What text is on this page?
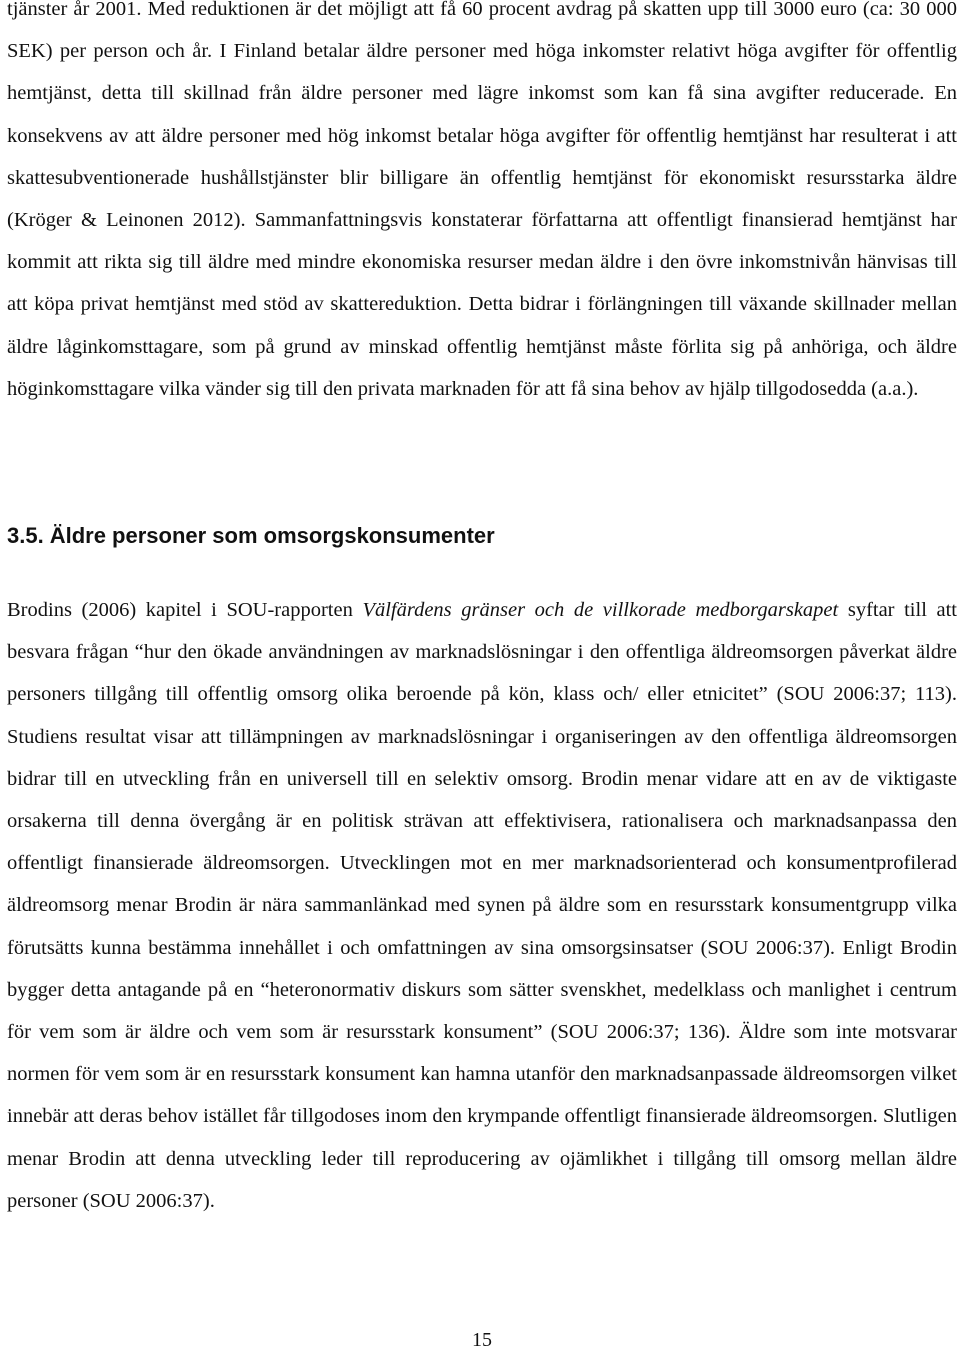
tjänster år 2001. Med reduktionen är det möjligt att få 60 procent avdrag på skatten upp till 3000 euro (ca: 30 000 SEK) per person och år. I Finland betalar äldre personer med höga inkomster relativt höga avgifter för offentlig hemtjänst, detta till skillnad från äldre personer med lägre inkomst som kan få sina avgifter reducerade. En konsekvens av att äldre personer med hög inkomst betalar höga avgifter för offentlig hemtjänst har resulterat i att skattesubventionerade hushållstjänster blir billigare än offentlig hemtjänst för ekonomiskt resursstarka äldre (Kröger & Leinonen 2012). Sammanfattningsvis konstaterar författarna att offentligt finansierad hemtjänst har kommit att rikta sig till äldre med mindre ekonomiska resurser medan äldre i den övre inkomstnivån hänvisas till att köpa privat hemtjänst med stöd av skattereduktion. Detta bidrar i förlängningen till växande skillnader mellan äldre låginkomsttagare, som på grund av minskad offentlig hemtjänst måste förlita sig på anhöriga, och äldre höginkomsttagare vilka vänder sig till den privata marknaden för att få sina behov av hjälp tillgodosedda (a.a.).

3.5. Äldre personer som omsorgskonsumenter

Brodins (2006) kapitel i SOU-rapporten Välfärdens gränser och de villkorade medborgarskapet syftar till att besvara frågan “hur den ökade användningen av marknadslösningar i den offentliga äldreomsorgen påverkat äldre personers tillgång till offentlig omsorg olika beroende på kön, klass och/ eller etnicitet” (SOU 2006:37; 113). Studiens resultat visar att tillämpningen av marknadslösningar i organiseringen av den offentliga äldreomsorgen bidrar till en utveckling från en universell till en selektiv omsorg. Brodin menar vidare att en av de viktigaste orsakerna till denna övergång är en politisk strävan att effektivisera, rationalisera och marknadsanpassa den offentligt finansierade äldreomsorgen. Utvecklingen mot en mer marknadsorienterad och konsumentprofilerad äldreomsorg menar Brodin är nära sammanlänkad med synen på äldre som en resursstark konsumentgrupp vilka förutsätts kunna bestämma innehållet i och omfattningen av sina omsorgsinsatser (SOU 2006:37). Enligt Brodin bygger detta antagande på en “heteronormativ diskurs som sätter svenskhet, medelklass och manlighet i centrum för vem som är äldre och vem som är resursstark konsument” (SOU 2006:37; 136). Äldre som inte motsvarar normen för vem som är en resursstark konsument kan hamna utanför den marknadsanpassade äldreomsorgen vilket innebär att deras behov istället får tillgodoses inom den krympande offentligt finansierade äldreomsorgen. Slutligen menar Brodin att denna utveckling leder till reproducering av ojämlikhet i tillgång till omsorg mellan äldre personer (SOU 2006:37).

15
